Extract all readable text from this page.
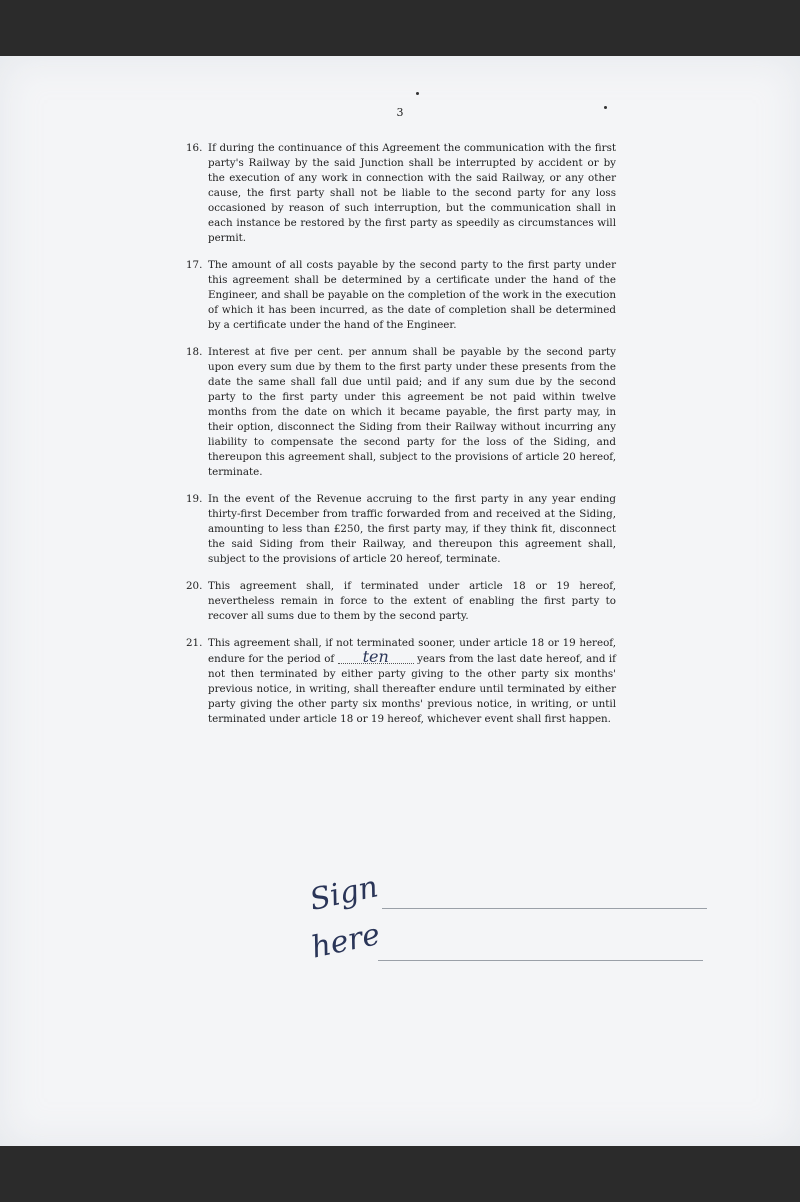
3
16. If during the continuance of this Agreement the communication with the first party's Railway by the said Junction shall be interrupted by accident or by the execution of any work in connection with the said Railway, or any other cause, the first party shall not be liable to the second party for any loss occasioned by reason of such interruption, but the communication shall in each instance be restored by the first party as speedily as circumstances will permit.
17. The amount of all costs payable by the second party to the first party under this agreement shall be determined by a certificate under the hand of the Engineer, and shall be payable on the completion of the work in the execution of which it has been incurred, as the date of completion shall be determined by a certificate under the hand of the Engineer.
18. Interest at five per cent. per annum shall be payable by the second party upon every sum due by them to the first party under these presents from the date the same shall fall due until paid; and if any sum due by the second party to the first party under this agreement be not paid within twelve months from the date on which it became payable, the first party may, in their option, disconnect the Siding from their Railway without incurring any liability to compensate the second party for the loss of the Siding, and thereupon this agreement shall, subject to the provisions of article 20 hereof, terminate.
19. In the event of the Revenue accruing to the first party in any year ending thirty-first December from traffic forwarded from and received at the Siding, amounting to less than £250, the first party may, if they think fit, disconnect the said Siding from their Railway, and thereupon this agreement shall, subject to the provisions of article 20 hereof, terminate.
20. This agreement shall, if terminated under article 18 or 19 hereof, nevertheless remain in force to the extent of enabling the first party to recover all sums due to them by the second party.
21. This agreement shall, if not terminated sooner, under article 18 or 19 hereof, endure for the period of ten	years from the last date hereof, and if not then terminated by either party giving to the other party six months' previous notice, in writing, shall thereafter endure until terminated by either party giving the other party six months' previous notice, in writing, or until terminated under article 18 or 19 hereof, whichever event shall first happen.
Sign
here
